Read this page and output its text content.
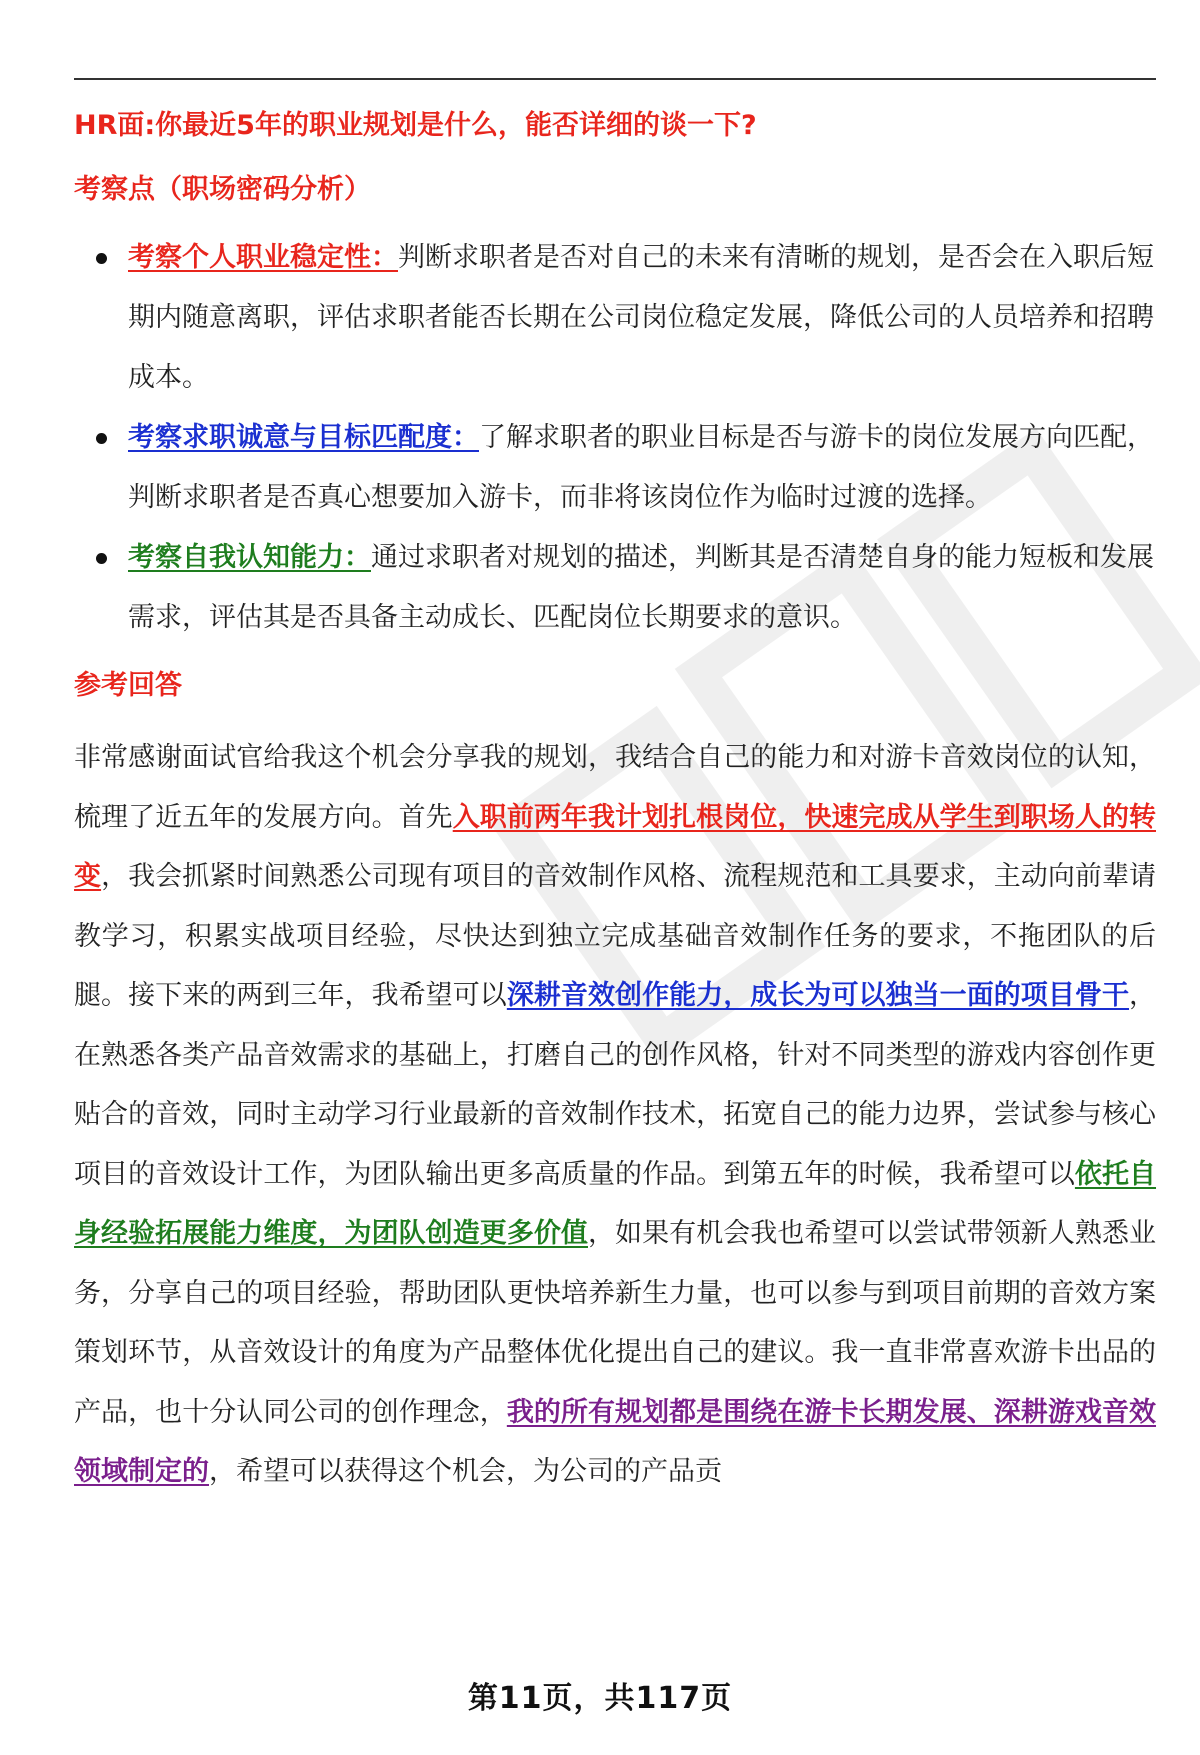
HR面:你最近5年的职业规划是什么，能否详细的谈一下?
考察点（职场密码分析）
考察个人职业稳定性：判断求职者是否对自己的未来有清晰的规划，是否会在入职后短期内随意离职，评估求职者能否长期在公司岗位稳定发展，降低公司的人员培养和招聘成本。
考察求职诚意与目标匹配度：了解求职者的职业目标是否与游卡的岗位发展方向匹配，判断求职者是否真心想要加入游卡，而非将该岗位作为临时过渡的选择。
考察自我认知能力：通过求职者对规划的描述，判断其是否清楚自身的能力短板和发展需求，评估其是否具备主动成长、匹配岗位长期要求的意识。
参考回答

非常感谢面试官给我这个机会分享我的规划，我结合自己的能力和对游卡音效岗位的认知，梳理了近五年的发展方向。首先入职前两年我计划扎根岗位，快速完成从学生到职场人的转变，我会抓紧时间熟悉公司现有项目的音效制作风格、流程规范和工具要求，主动向前辈请教学习，积累实战项目经验，尽快达到独立完成基础音效制作任务的要求，不拖团队的后腿。接下来的两到三年，我希望可以深耕音效创作能力，成长为可以独当一面的项目骨干，在熟悉各类产品音效需求的基础上，打磨自己的创作风格，针对不同类型的游戏内容创作更贴合的音效，同时主动学习行业最新的音效制作技术，拓宽自己的能力边界，尝试参与核心项目的音效设计工作，为团队输出更多高质量的作品。到第五年的时候，我希望可以依托自身经验拓展能力维度，为团队创造更多价值，如果有机会我也希望可以尝试带领新人熟悉业务，分享自己的项目经验，帮助团队更快培养新生力量，也可以参与到项目前期的音效方案策划环节，从音效设计的角度为产品整体优化提出自己的建议。我一直非常喜欢游卡出品的产品，也十分认同公司的创作理念，我的所有规划都是围绕在游卡长期发展、深耕游戏音效领域制定的，希望可以获得这个机会，为公司的产品贡

第11页，共117页
